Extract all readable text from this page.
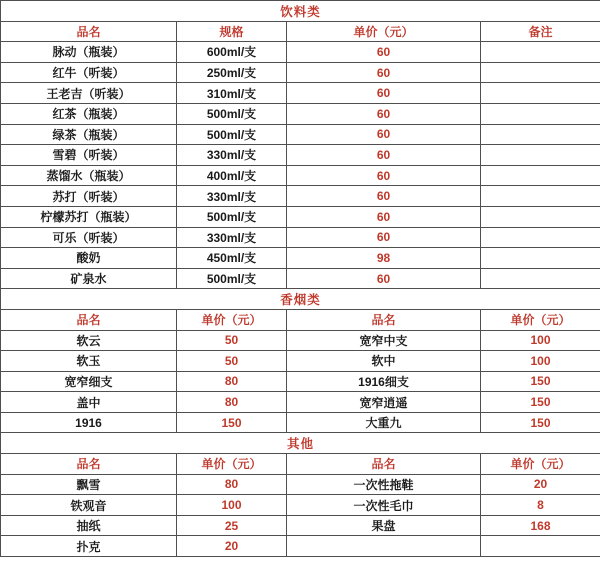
饮料类			
品名	规格	单价（元）	备注
脉动（瓶装）	600ml/支	60	
红牛（听装）	250ml/支	60	
王老吉（听装）	310ml/支	60	
红茶（瓶装）	500ml/支	60	
绿茶（瓶装）	500ml/支	60	
雪碧（听装）	330ml/支	60	
蒸馏水（瓶装）	400ml/支	60	
苏打（听装）	330ml/支	60	
柠檬苏打（瓶装）	500ml/支	60	
可乐（听装）	330ml/支	60	
酸奶	450ml/支	98	
矿泉水	500ml/支	60	
香烟类			
品名	单价（元）	品名	单价（元）
软云	50	宽窄中支	100
软玉	50	软中	100
宽窄细支	80	1916细支	150
盖中	80	宽窄逍遥	150
1916	150	大重九	150
其他			
品名	单价（元）	品名	单价（元）
飘雪	80	一次性拖鞋	20
铁观音	100	一次性毛巾	8
抽纸	25	果盘	168
扑克	20		
